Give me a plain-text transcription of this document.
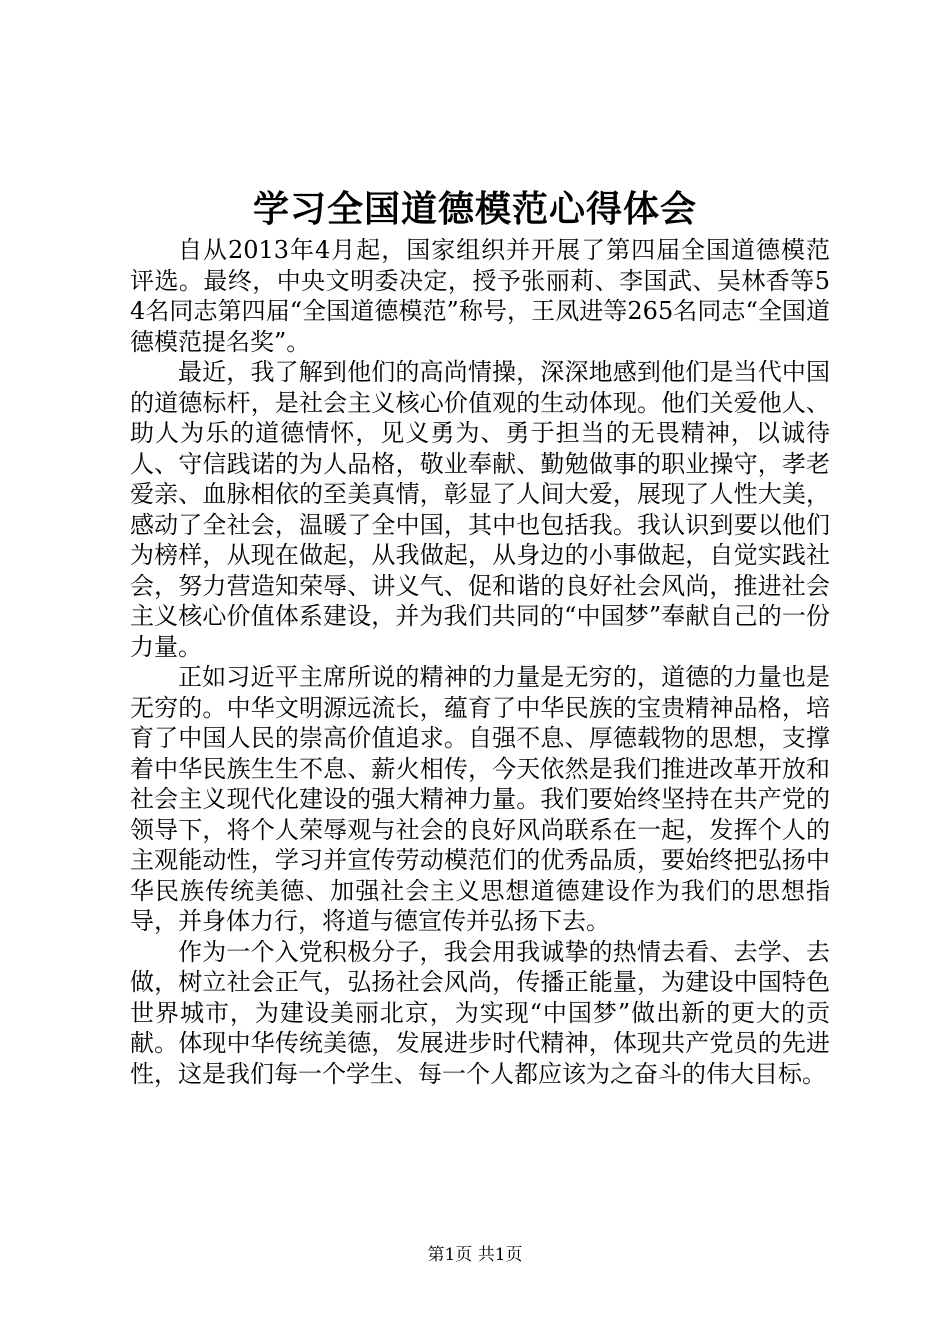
学习全国道德模范心得体会

自从2013年4月起，国家组织并开展了第四届全国道德模范评选。最终，中央文明委决定，授予张丽莉、李国武、吴林香等54名同志第四届“全国道德模范”称号，王凤进等265名同志“全国道德模范提名奖”。

最近，我了解到他们的高尚情操，深深地感到他们是当代中国的道德标杆，是社会主义核心价值观的生动体现。他们关爱他人、助人为乐的道德情怀，见义勇为、勇于担当的无畏精神，以诚待人、守信践诺的为人品格，敬业奉献、勤勉做事的职业操守，孝老爱亲、血脉相依的至美真情，彰显了人间大爱，展现了人性大美，感动了全社会，温暖了全中国，其中也包括我。我认识到要以他们为榜样，从现在做起，从我做起，从身边的小事做起，自觉实践社会，努力营造知荣辱、讲义气、促和谐的良好社会风尚，推进社会主义核心价值体系建设，并为我们共同的“中国梦”奉献自己的一份力量。

正如习近平主席所说的精神的力量是无穷的，道德的力量也是无穷的。中华文明源远流长，蕴育了中华民族的宝贵精神品格，培育了中国人民的崇高价值追求。自强不息、厚德载物的思想，支撑着中华民族生生不息、薪火相传，今天依然是我们推进改革开放和社会主义现代化建设的强大精神力量。我们要始终坚持在共产党的领导下，将个人荣辱观与社会的良好风尚联系在一起，发挥个人的主观能动性，学习并宣传劳动模范们的优秀品质，要始终把弘扬中华民族传统美德、加强社会主义思想道德建设作为我们的思想指导，并身体力行，将道与德宣传并弘扬下去。

作为一个入党积极分子，我会用我诚挚的热情去看、去学、去做，树立社会正气，弘扬社会风尚，传播正能量，为建设中国特色世界城市，为建设美丽北京，为实现“中国梦”做出新的更大的贡献。体现中华传统美德，发展进步时代精神，体现共产党员的先进性，这是我们每一个学生、每一个人都应该为之奋斗的伟大目标。

第1页 共1页
